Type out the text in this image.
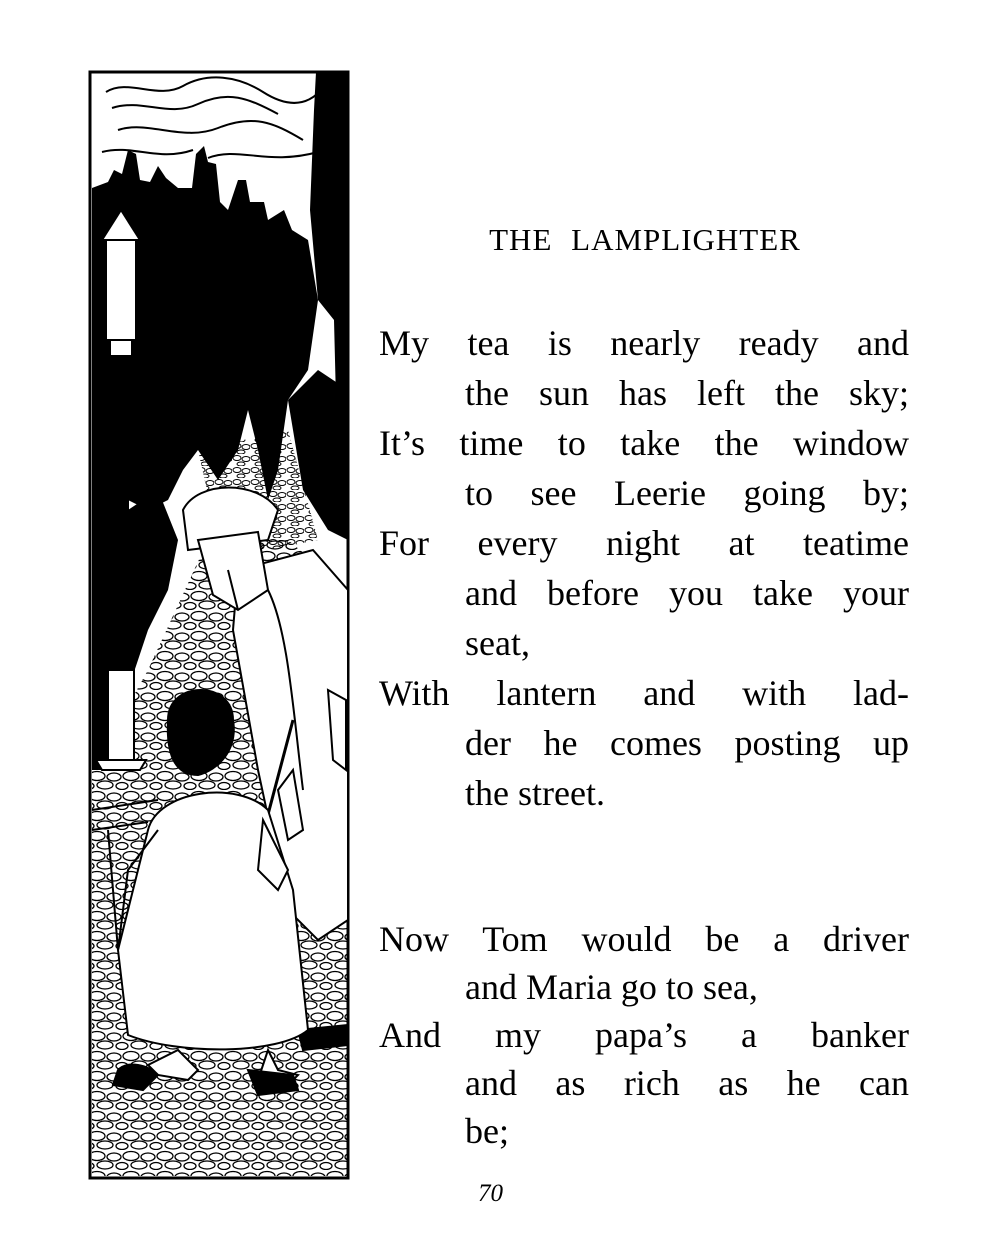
THE LAMPLIGHTER
My tea is nearly ready and
the sun has left the sky;
It’s time to take the window
to see Leerie going by;
For every night at teatime
and before you take your
seat,
With lantern and with lad-
der he comes posting up
the street.
Now Tom would be a driver
and Maria go to sea,
And my papa’s a banker
and as rich as he can
be;
70
